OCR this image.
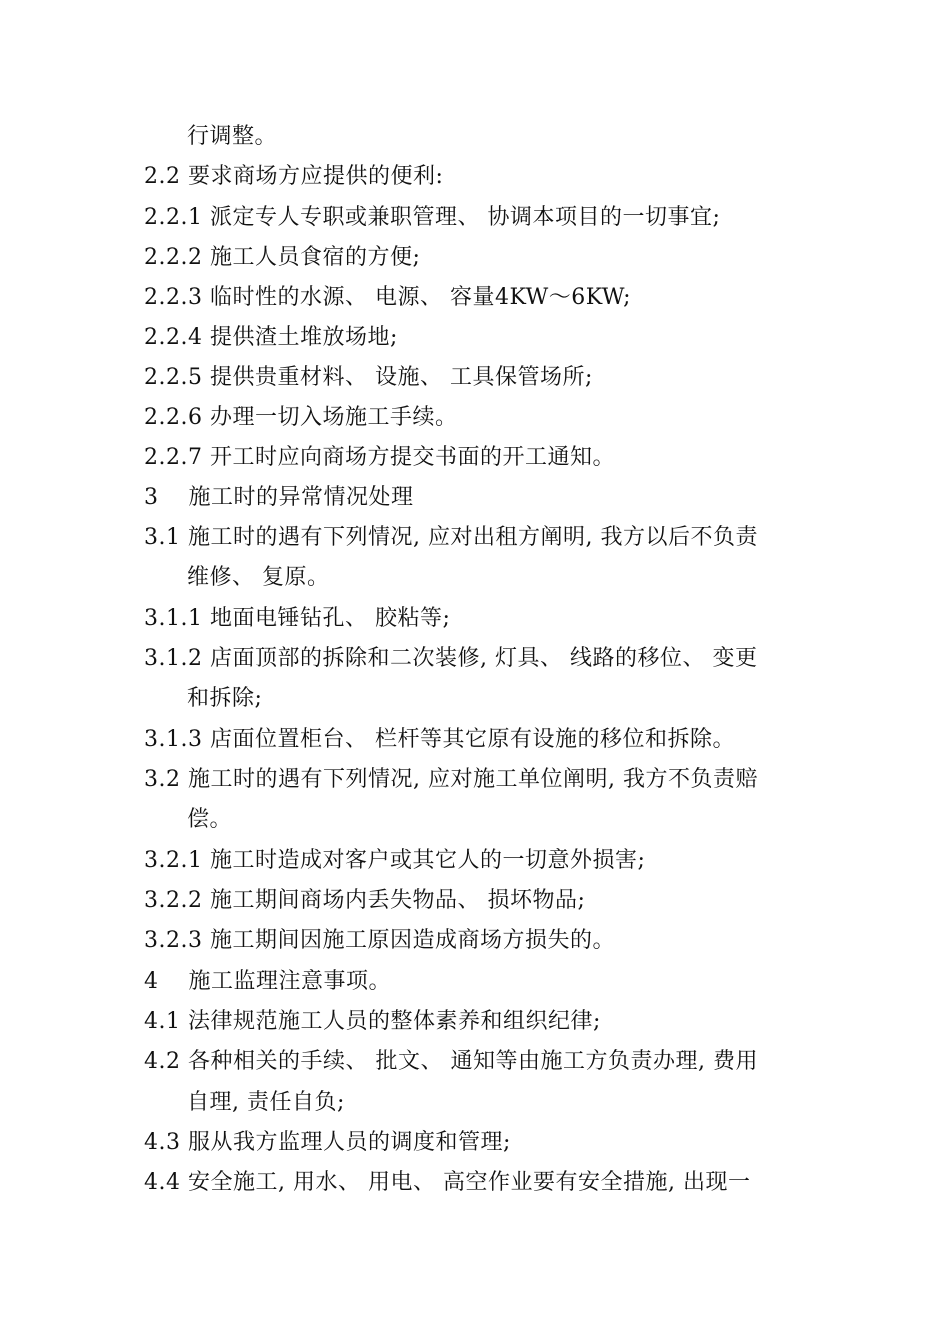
行调整。
2.2 要求商场方应提供的便利:
2.2.1 派定专人专职或兼职管理、 协调本项目的一切事宜;
2.2.2 施工人员食宿的方便;
2.2.3 临时性的水源、 电源、 容量4KW～6KW;
2.2.4 提供渣土堆放场地;
2.2.5 提供贵重材料、 设施、 工具保管场所;
2.2.6 办理一切入场施工手续。
2.2.7 开工时应向商场方提交书面的开工通知。
3　 施工时的异常情况处理
3.1 施工时的遇有下列情况, 应对出租方阐明, 我方以后不负责
维修、 复原。
3.1.1 地面电锤钻孔、 胶粘等;
3.1.2 店面顶部的拆除和二次装修, 灯具、 线路的移位、 变更
和拆除;
3.1.3 店面位置柜台、 栏杆等其它原有设施的移位和拆除。
3.2 施工时的遇有下列情况, 应对施工单位阐明, 我方不负责赔
偿。
3.2.1 施工时造成对客户或其它人的一切意外损害;
3.2.2 施工期间商场内丢失物品、 损坏物品;
3.2.3 施工期间因施工原因造成商场方损失的。
4　 施工监理注意事项。
4.1 法律规范施工人员的整体素养和组织纪律;
4.2 各种相关的手续、 批文、 通知等由施工方负责办理, 费用
自理, 责任自负;
4.3 服从我方监理人员的调度和管理;
4.4 安全施工, 用水、 用电、 高空作业要有安全措施, 出现一
